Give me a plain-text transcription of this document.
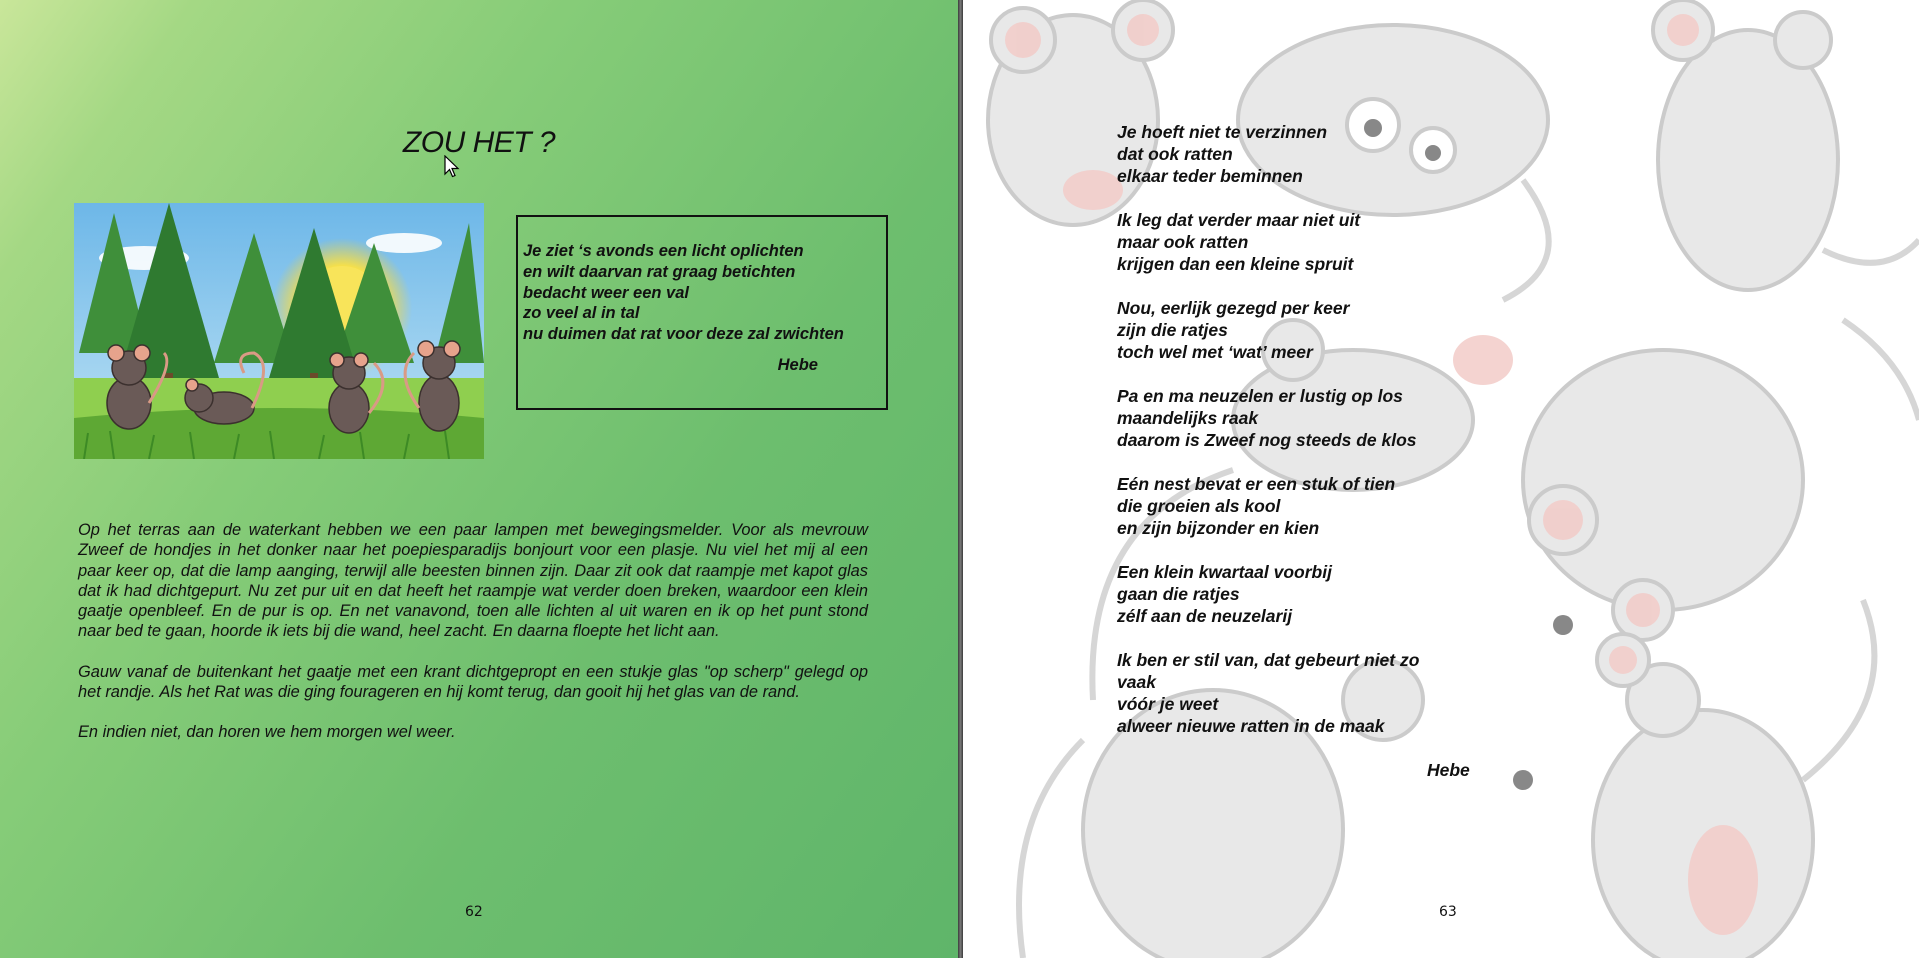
ZOU HET ?
Je ziet ‘s avonds een licht oplichten
en wilt daarvan rat graag betichten
bedacht weer een val
zo veel al in tal
nu duimen dat rat voor deze zal zwichten
Hebe

Op het terras aan de waterkant hebben we een paar lampen met bewegingsmelder. Voor als mevrouw Zweef de hondjes in het donker naar het poepiesparadijs bonjourt voor een plasje. Nu viel het mij al een paar keer op, dat die lamp aanging, terwijl alle beesten binnen zijn. Daar zit ook dat raampje met kapot glas dat ik had dichtgepurt. Nu zet pur uit en dat heeft het raampje wat verder doen breken, waardoor een klein gaatje openbleef. En de pur is op. En net vanavond, toen alle lichten al uit waren en ik op het punt stond naar bed te gaan, hoorde ik iets bij die wand, heel zacht. En daarna floepte het licht aan.

Gauw vanaf de buitenkant het gaatje met een krant dichtgepropt en een stukje glas "op scherp" gelegd op het randje. Als het Rat was die ging fourageren en hij komt terug, dan gooit hij het glas van de rand.

En indien niet, dan horen we hem morgen wel weer.

62
Je hoeft niet te verzinnen
dat ook ratten
elkaar teder beminnen
Ik leg dat verder maar niet uit
maar ook ratten
krijgen dan een kleine spruit
Nou, eerlijk gezegd per keer
zijn die ratjes
toch wel met ‘wat’ meer
Pa en ma neuzelen er lustig op los
maandelijks raak
daarom is Zweef nog steeds de klos
Eén nest bevat er een stuk of tien
die groeien als kool
en zijn bijzonder en kien
Een klein kwartaal voorbij
gaan die ratjes
zélf aan de neuzelarij
Ik ben er stil van, dat gebeurt niet zo
vaak
vóór je weet
alweer nieuwe ratten in de maak
Hebe
63
